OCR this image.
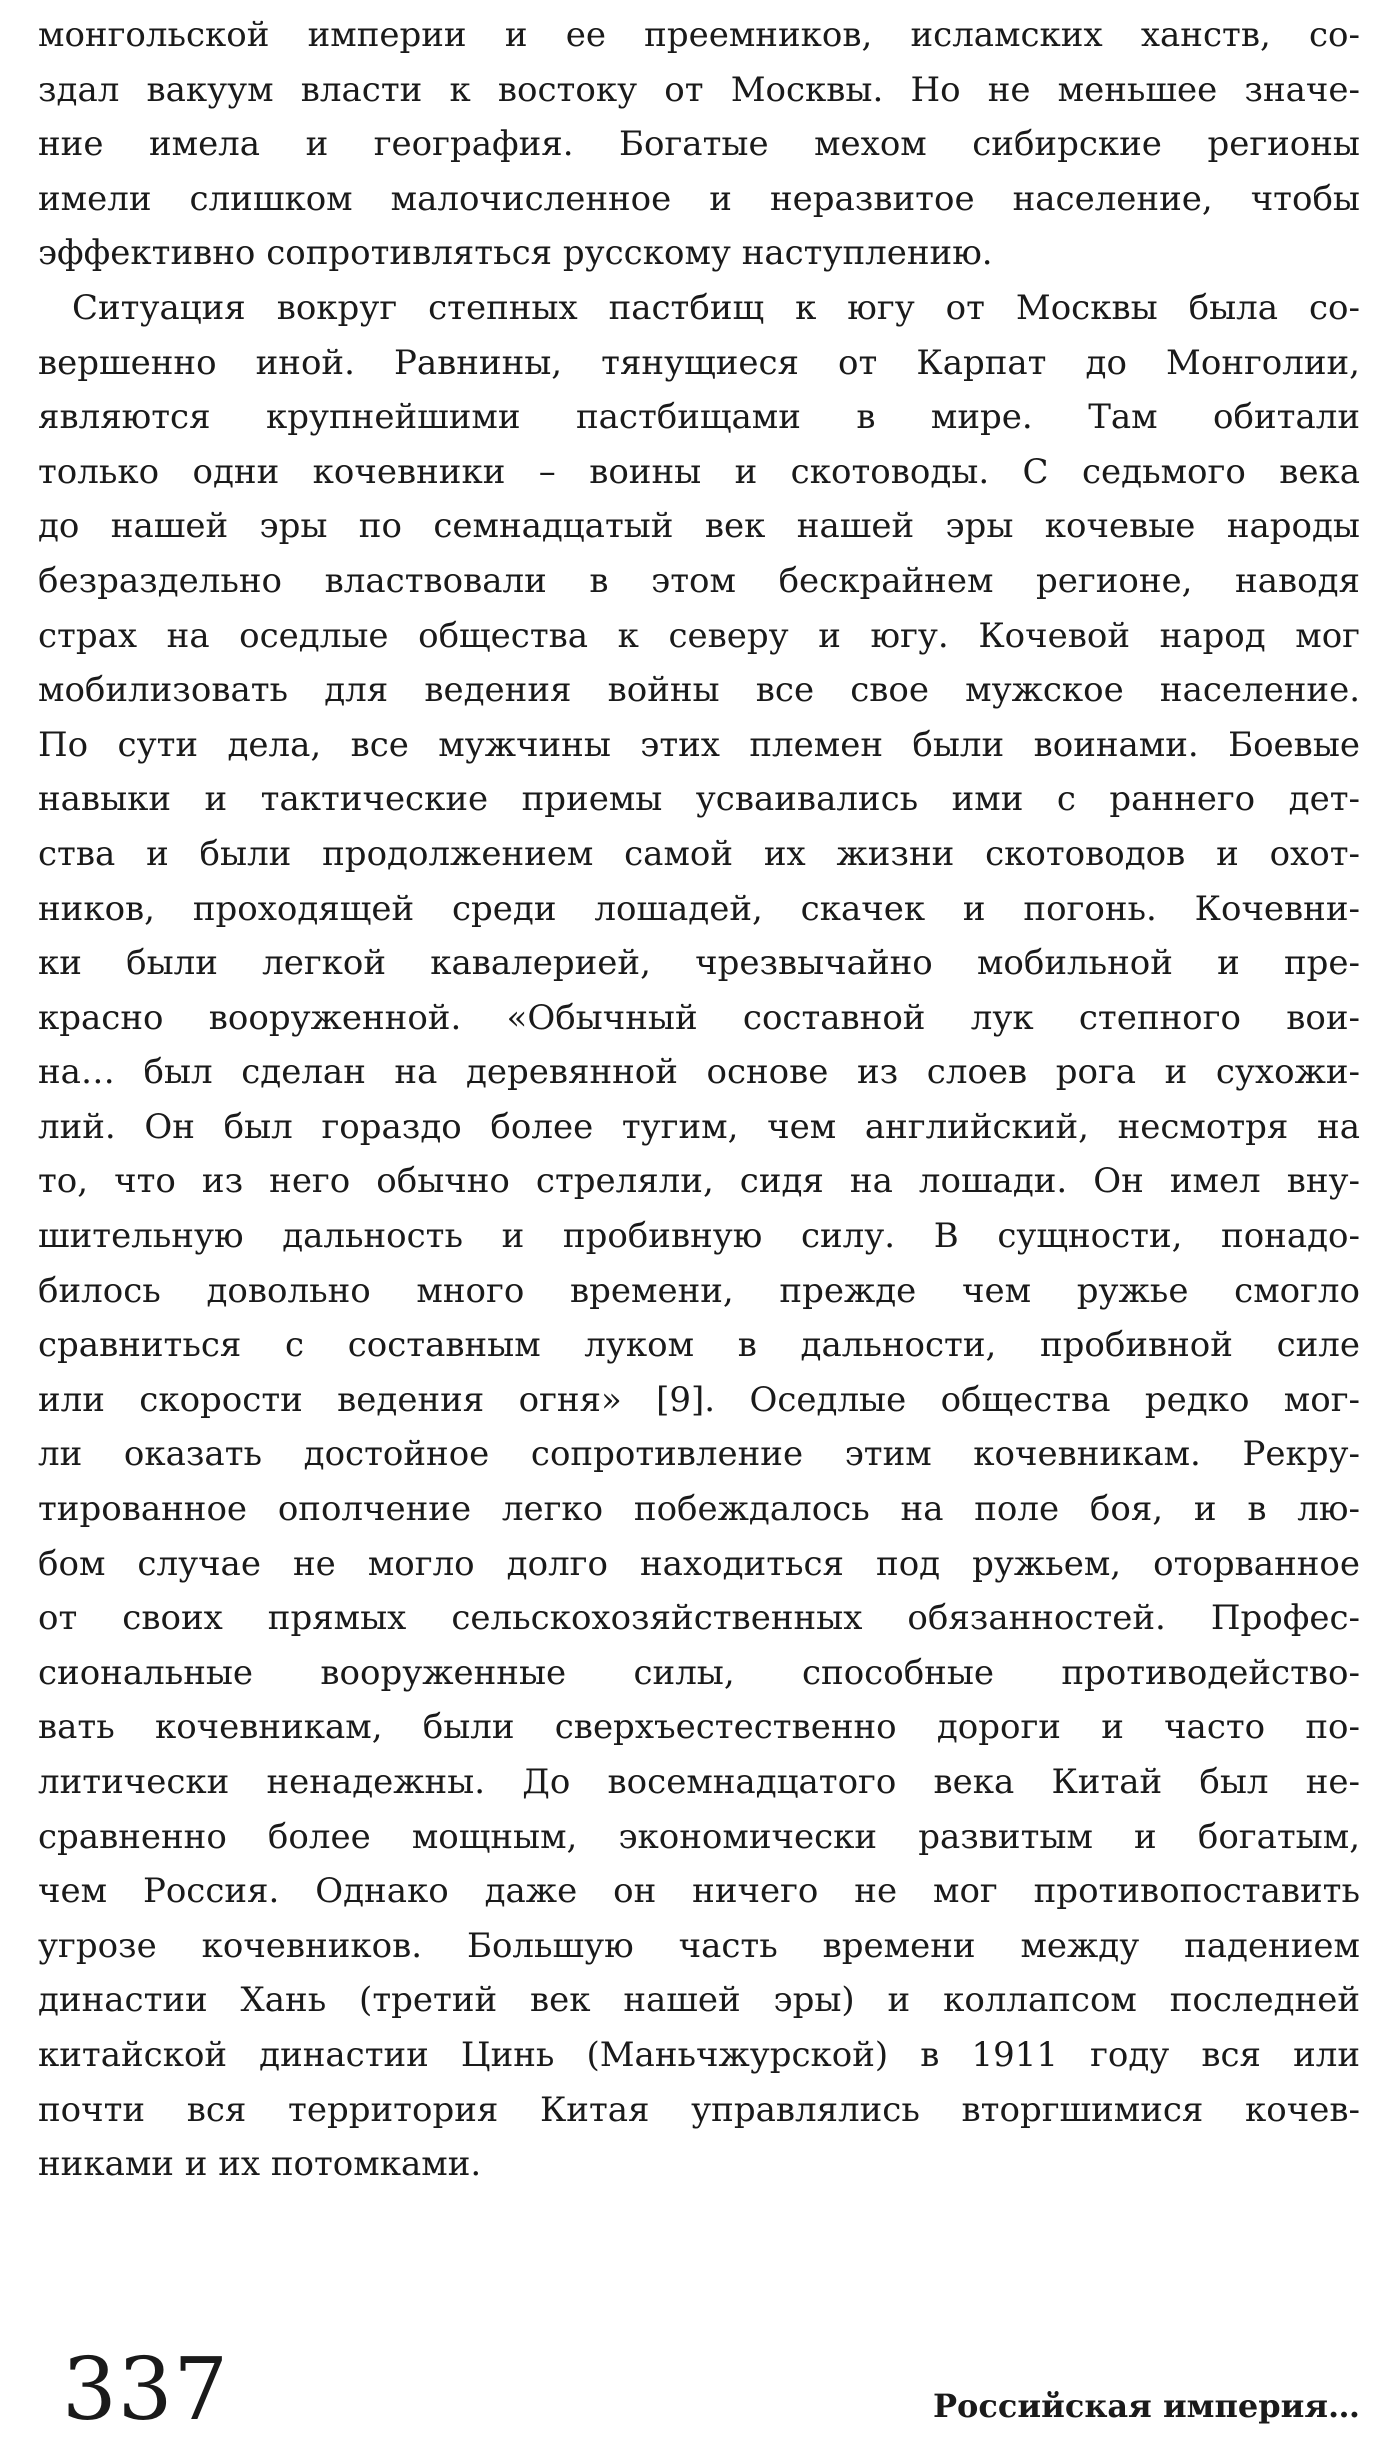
монгольской империи и ее преемников, исламских ханств, со-
здал вакуум власти к востоку от Москвы. Но не меньшее значе-
ние имела и география. Богатые мехом сибирские регионы
имели слишком малочисленное и неразвитое население, чтобы
эффективно сопротивляться русскому наступлению.
Ситуация вокруг степных пастбищ к югу от Москвы была со-
вершенно иной. Равнины, тянущиеся от Карпат до Монголии,
являются крупнейшими пастбищами в мире. Там обитали
только одни кочевники – воины и скотоводы. С седьмого века
до нашей эры по семнадцатый век нашей эры кочевые народы
безраздельно властвовали в этом бескрайнем регионе, наводя
страх на оседлые общества к северу и югу. Кочевой народ мог
мобилизовать для ведения войны все свое мужское население.
По сути дела, все мужчины этих племен были воинами. Боевые
навыки и тактические приемы усваивались ими с раннего дет-
ства и были продолжением самой их жизни скотоводов и охот-
ников, проходящей среди лошадей, скачек и погонь. Кочевни-
ки были легкой кавалерией, чрезвычайно мобильной и пре-
красно вооруженной. «Обычный составной лук степного вои-
на… был сделан на деревянной основе из слоев рога и сухожи-
лий. Он был гораздо более тугим, чем английский, несмотря на
то, что из него обычно стреляли, сидя на лошади. Он имел вну-
шительную дальность и пробивную силу. В сущности, понадо-
билось довольно много времени, прежде чем ружье смогло
сравниться с составным луком в дальности, пробивной силе
или скорости ведения огня» [9]. Оседлые общества редко мог-
ли оказать достойное сопротивление этим кочевникам. Рекру-
тированное ополчение легко побеждалось на поле боя, и в лю-
бом случае не могло долго находиться под ружьем, оторванное
от своих прямых сельскохозяйственных обязанностей. Профес-
сиональные вооруженные силы, способные противодейство-
вать кочевникам, были сверхъестественно дороги и часто по-
литически ненадежны. До восемнадцатого века Китай был не-
сравненно более мощным, экономически развитым и богатым,
чем Россия. Однако даже он ничего не мог противопоставить
угрозе кочевников. Большую часть времени между падением
династии Хань (третий век нашей эры) и коллапсом последней
китайской династии Цинь (Маньчжурской) в 1911 году вся или
почти вся территория Китая управлялись вторгшимися кочев-
никами и их потомками.
337	Российская империя…
